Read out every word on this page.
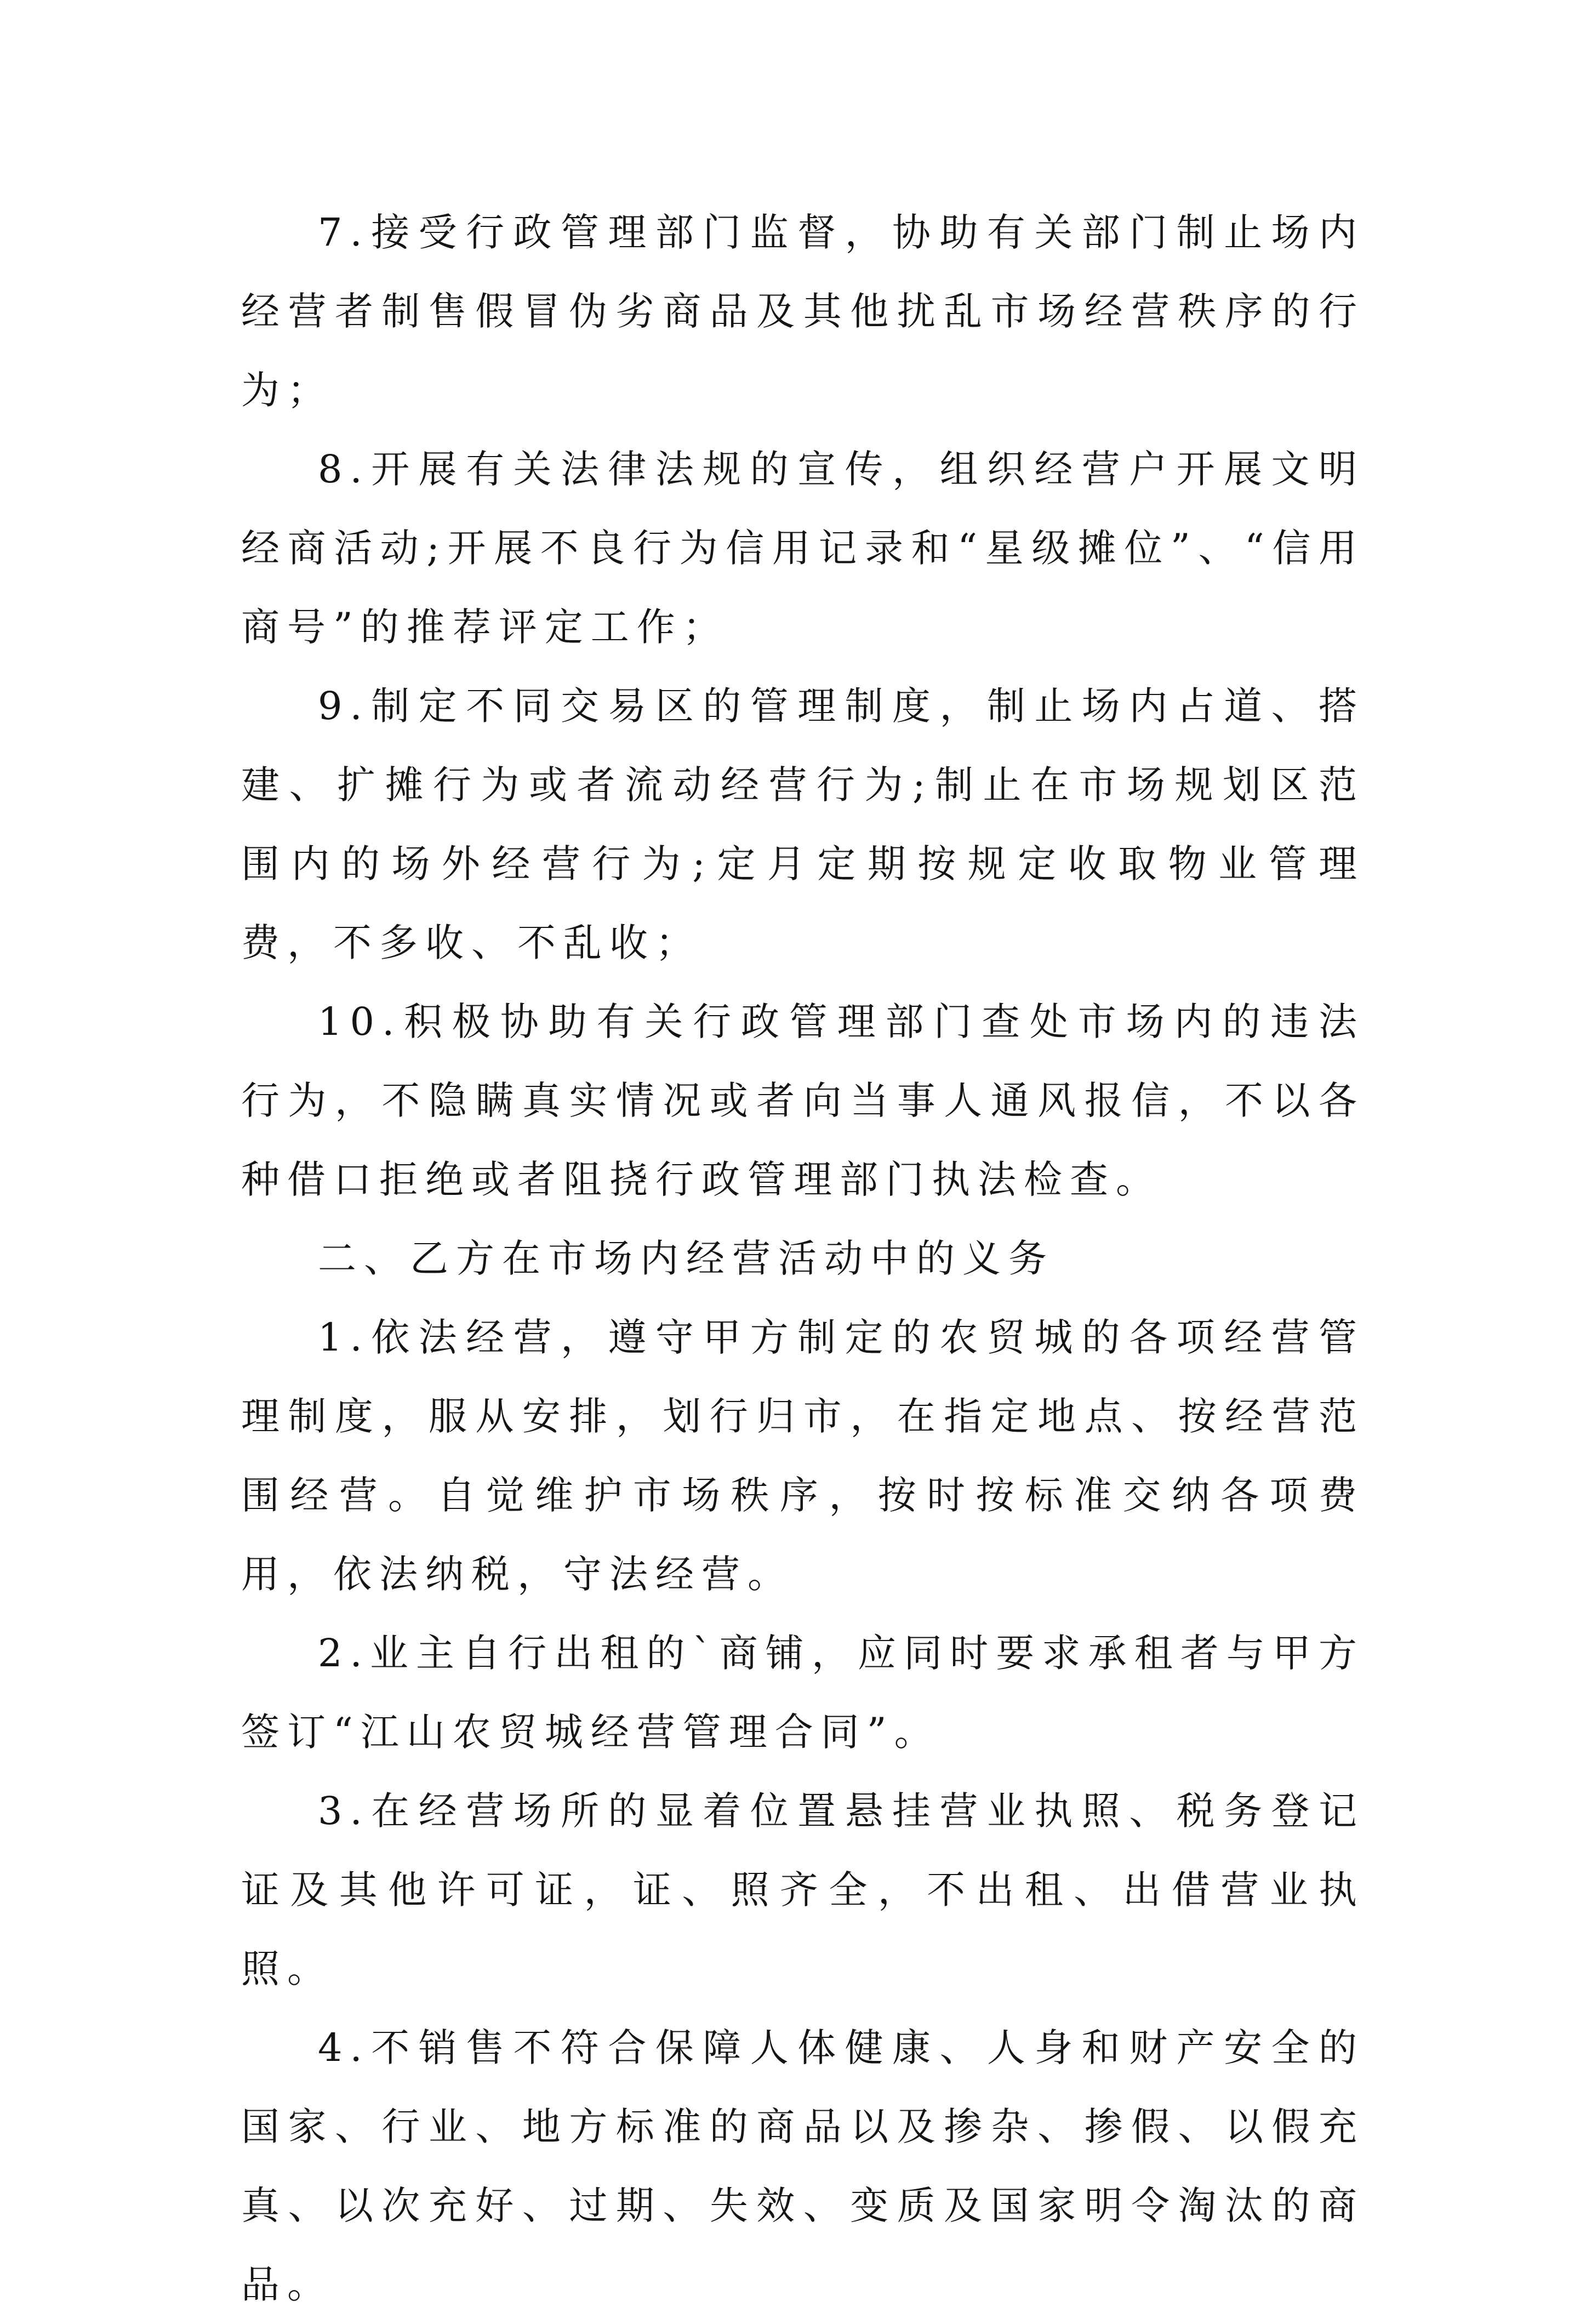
7.接受行政管理部门监督，协助有关部门制止场内经营者制售假冒伪劣商品及其他扰乱市场经营秩序的行为；

8.开展有关法律法规的宣传，组织经营户开展文明经商活动;开展不良行为信用记录和“星级摊位”、“信用商号”的推荐评定工作；

9.制定不同交易区的管理制度，制止场内占道、搭建、扩摊行为或者流动经营行为;制止在市场规划区范围内的场外经营行为;定月定期按规定收取物业管理费，不多收、不乱收；

10.积极协助有关行政管理部门查处市场内的违法行为，不隐瞒真实情况或者向当事人通风报信，不以各种借口拒绝或者阻挠行政管理部门执法检查。

二、乙方在市场内经营活动中的义务

1.依法经营，遵守甲方制定的农贸城的各项经营管理制度，服从安排，划行归市，在指定地点、按经营范围经营。自觉维护市场秩序，按时按标准交纳各项费用，依法纳税，守法经营。

2.业主自行出租的`商铺，应同时要求承租者与甲方签订“江山农贸城经营管理合同”。

3.在经营场所的显着位置悬挂营业执照、税务登记证及其他许可证，证、照齐全，不出租、出借营业执照。

4.不销售不符合保障人体健康、人身和财产安全的国家、行业、地方标准的商品以及掺杂、掺假、以假充真、以次充好、过期、失效、变质及国家明令淘汰的商品。
